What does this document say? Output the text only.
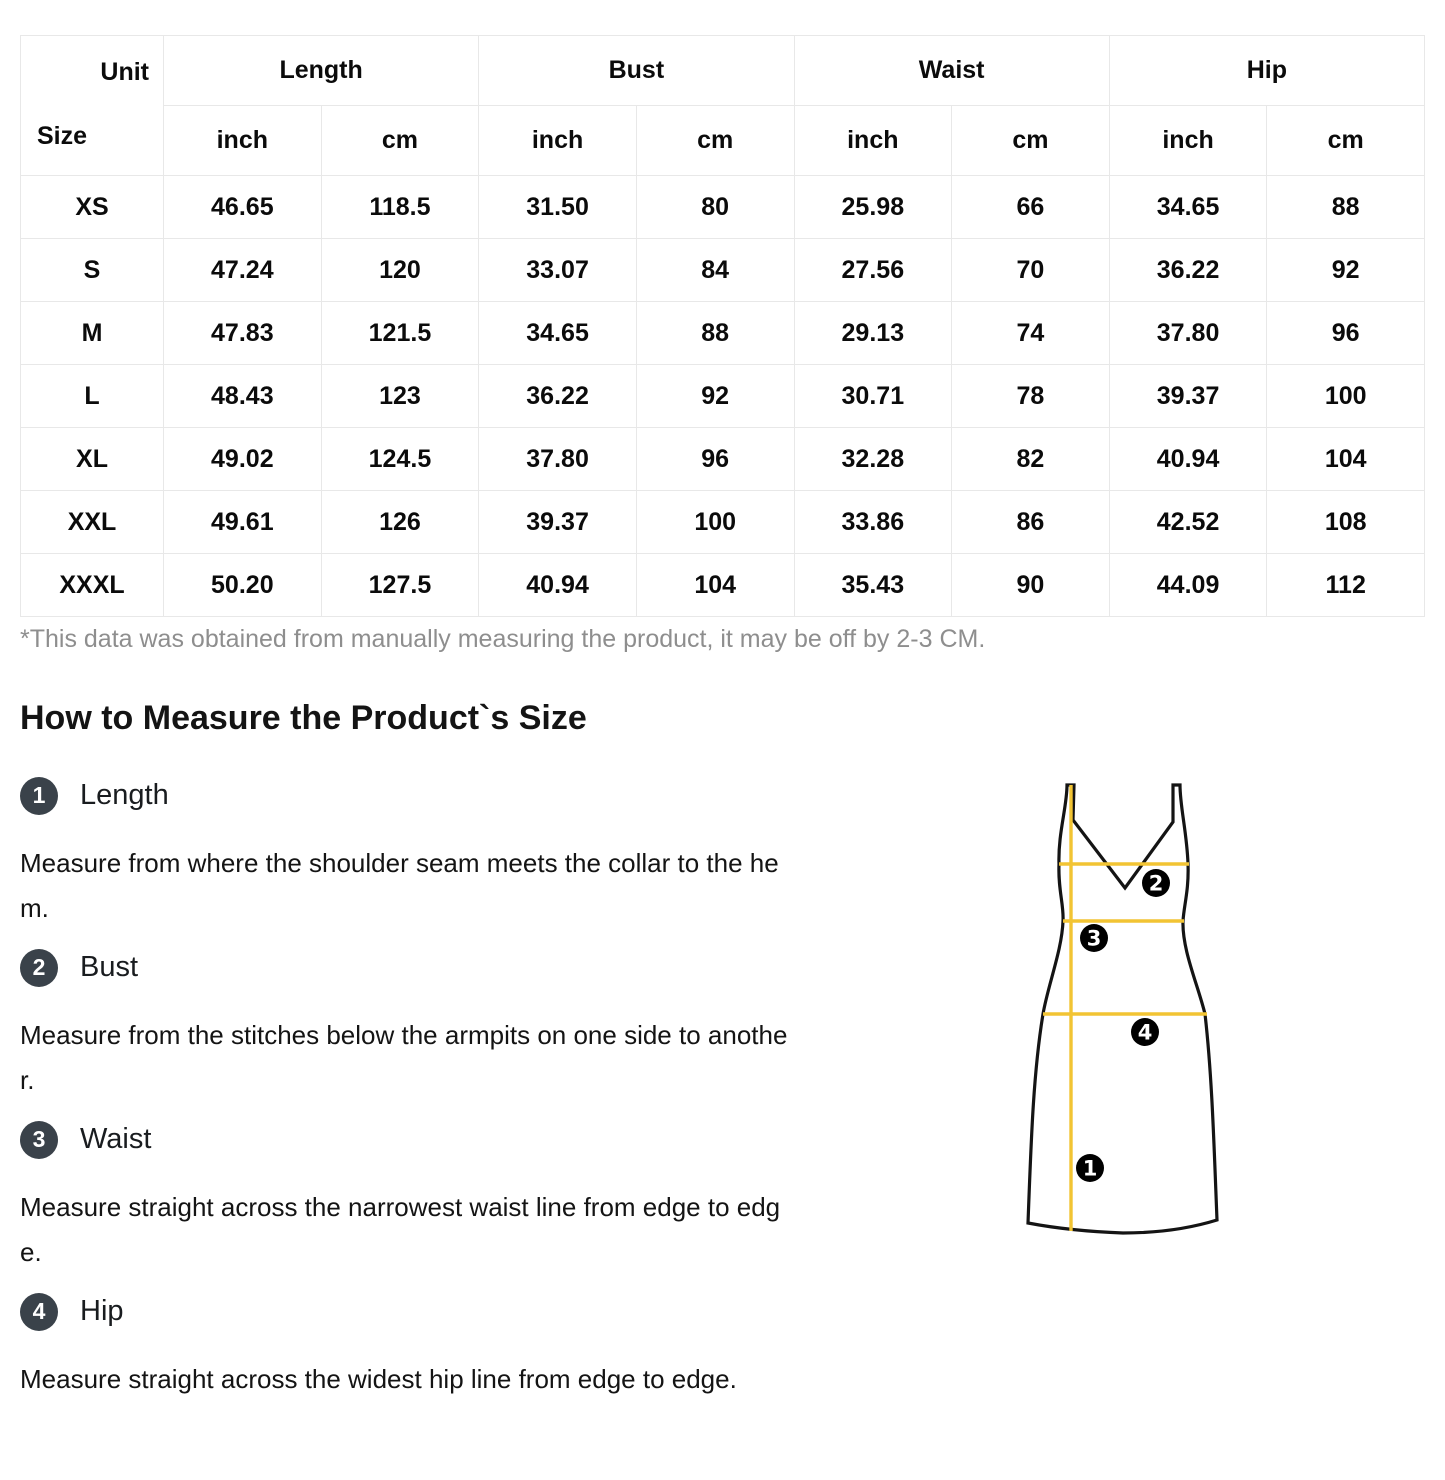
Unit
Size	Length		Bust		Waist		Hip	
	inch	cm	inch	cm	inch	cm	inch	cm
XS	46.65	118.5	31.50	80	25.98	66	34.65	88
S	47.24	120	33.07	84	27.56	70	36.22	92
M	47.83	121.5	34.65	88	29.13	74	37.80	96
L	48.43	123	36.22	92	30.71	78	39.37	100
XL	49.02	124.5	37.80	96	32.28	82	40.94	104
XXL	49.61	126	39.37	100	33.86	86	42.52	108
XXXL	50.20	127.5	40.94	104	35.43	90	44.09	112

*This data was obtained from manually measuring the product, it may be off by 2-3 CM.

How to Measure the Product`s Size
1	Length

Measure from where the shoulder seam meets the collar to the hem.

2	Bust

Measure from the stitches below the armpits on one side to another.

3	Waist

Measure straight across the narrowest waist line from edge to edge.

4	Hip

Measure straight across the widest hip line from edge to edge.

2
3
4
1
